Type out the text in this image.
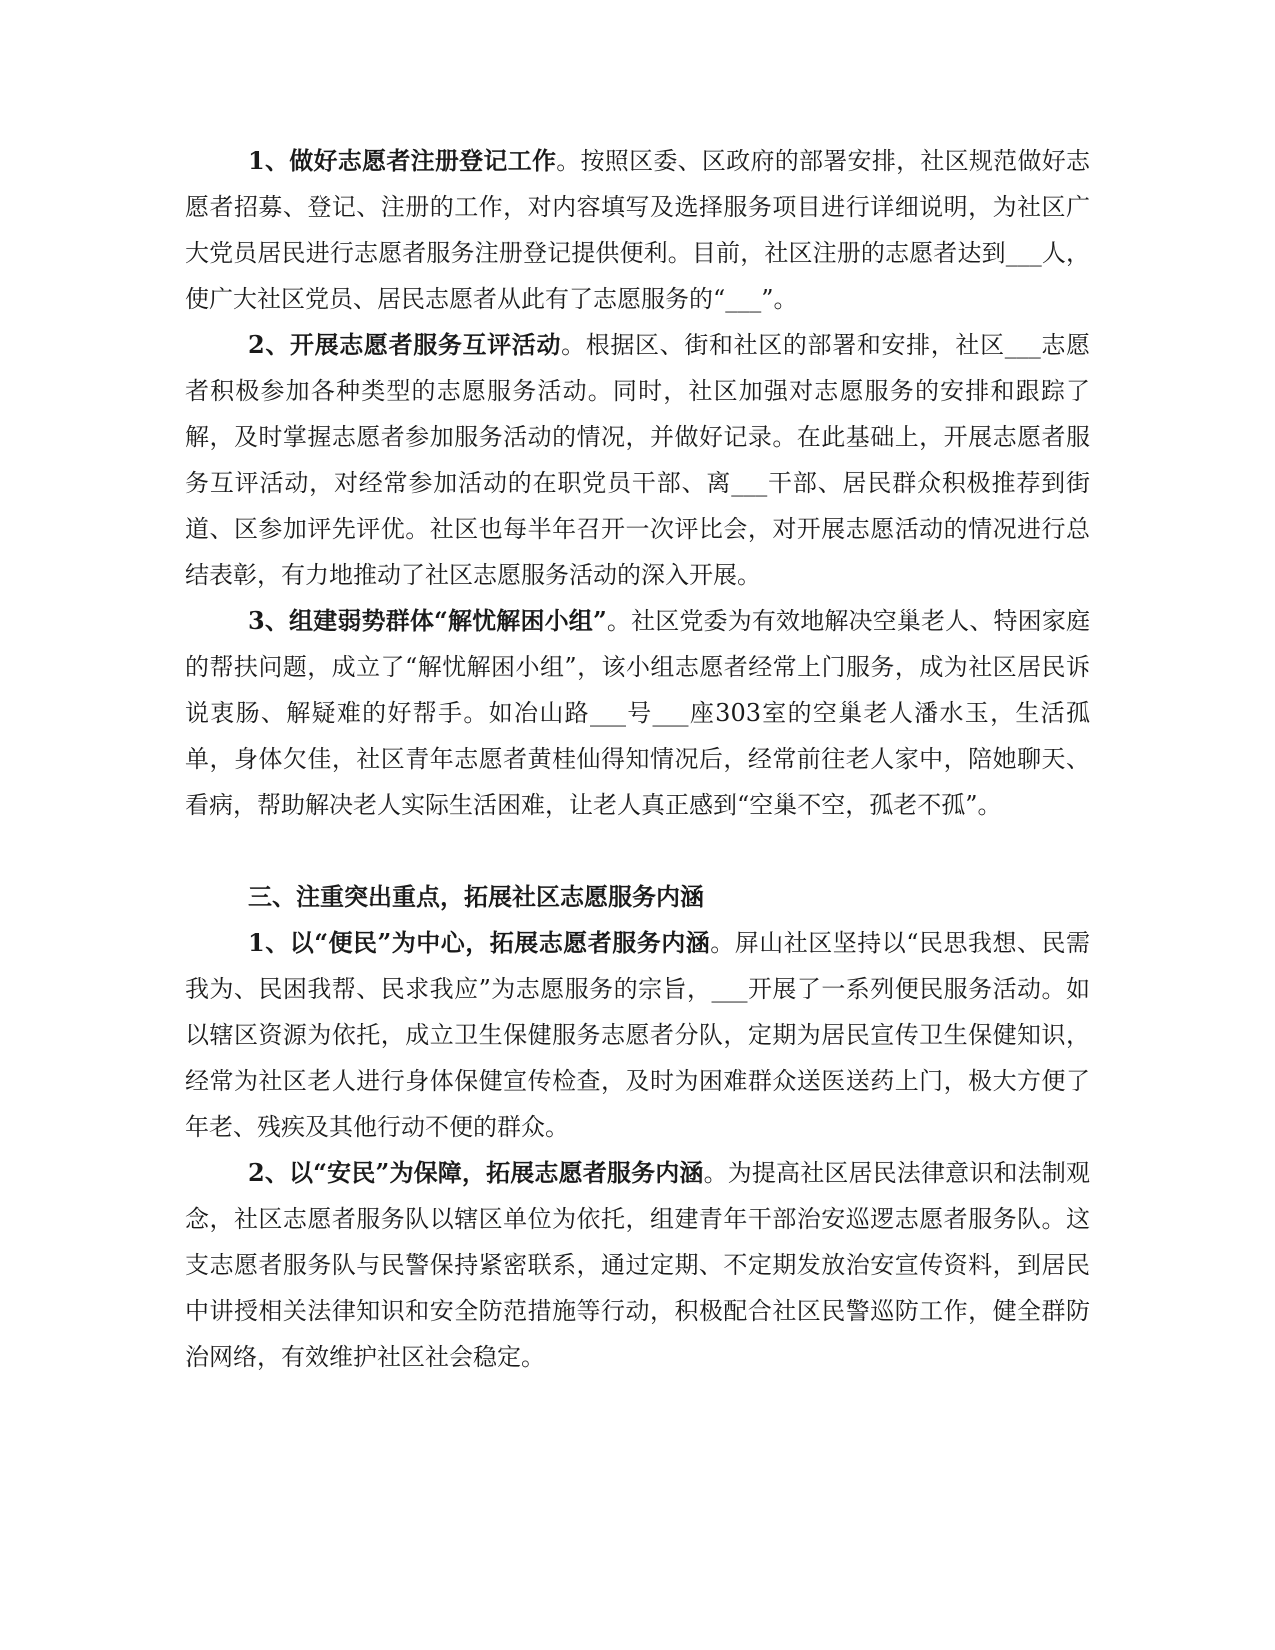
1、做好志愿者注册登记工作。按照区委、区政府的部署安排，社区规范做好志愿者招募、登记、注册的工作，对内容填写及选择服务项目进行详细说明，为社区广大党员居民进行志愿者服务注册登记提供便利。目前，社区注册的志愿者达到___人，使广大社区党员、居民志愿者从此有了志愿服务的“___”。

2、开展志愿者服务互评活动。根据区、街和社区的部署和安排，社区___志愿者积极参加各种类型的志愿服务活动。同时，社区加强对志愿服务的安排和跟踪了解，及时掌握志愿者参加服务活动的情况，并做好记录。在此基础上，开展志愿者服务互评活动，对经常参加活动的在职党员干部、离___干部、居民群众积极推荐到街道、区参加评先评优。社区也每半年召开一次评比会，对开展志愿活动的情况进行总结表彰，有力地推动了社区志愿服务活动的深入开展。

3、组建弱势群体“解忧解困小组”。社区党委为有效地解决空巢老人、特困家庭的帮扶问题，成立了“解忧解困小组”，该小组志愿者经常上门服务，成为社区居民诉说衷肠、解疑难的好帮手。如冶山路___号___座303室的空巢老人潘水玉，生活孤单，身体欠佳，社区青年志愿者黄桂仙得知情况后，经常前往老人家中，陪她聊天、看病，帮助解决老人实际生活困难，让老人真正感到“空巢不空，孤老不孤”。

三、注重突出重点，拓展社区志愿服务内涵

1、以“便民”为中心，拓展志愿者服务内涵。屏山社区坚持以“民思我想、民需我为、民困我帮、民求我应”为志愿服务的宗旨，___开展了一系列便民服务活动。如以辖区资源为依托，成立卫生保健服务志愿者分队，定期为居民宣传卫生保健知识，经常为社区老人进行身体保健宣传检查，及时为困难群众送医送药上门，极大方便了年老、残疾及其他行动不便的群众。

2、以“安民”为保障，拓展志愿者服务内涵。为提高社区居民法律意识和法制观念，社区志愿者服务队以辖区单位为依托，组建青年干部治安巡逻志愿者服务队。这支志愿者服务队与民警保持紧密联系，通过定期、不定期发放治安宣传资料，到居民中讲授相关法律知识和安全防范措施等行动，积极配合社区民警巡防工作，健全群防治网络，有效维护社区社会稳定。
